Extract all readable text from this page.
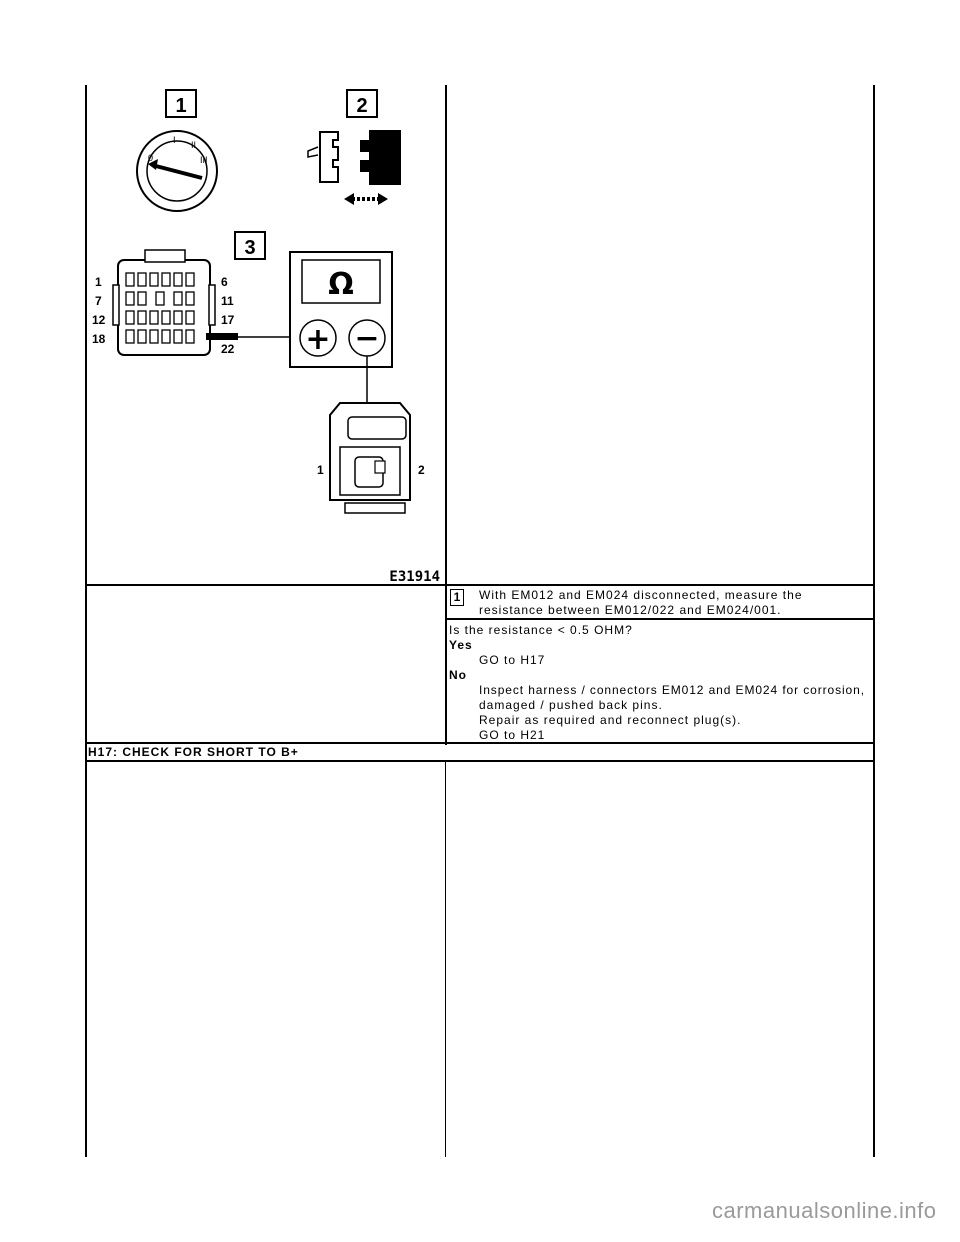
1	2
3
0
I II
III
1
7
12
18
6
11
17
22
Ω
+ −
1	2
E31914
1	With EM012 and EM024 disconnected, measure the
resistance between EM012/022 and EM024/001.
Is the resistance < 0.5 OHM?
Yes
GO to H17
No
Inspect harness / connectors EM012 and EM024 for corrosion,
damaged / pushed back pins.
Repair as required and reconnect plug(s).
GO to H21
H17: CHECK FOR SHORT TO B+
carmanualsonline.info
